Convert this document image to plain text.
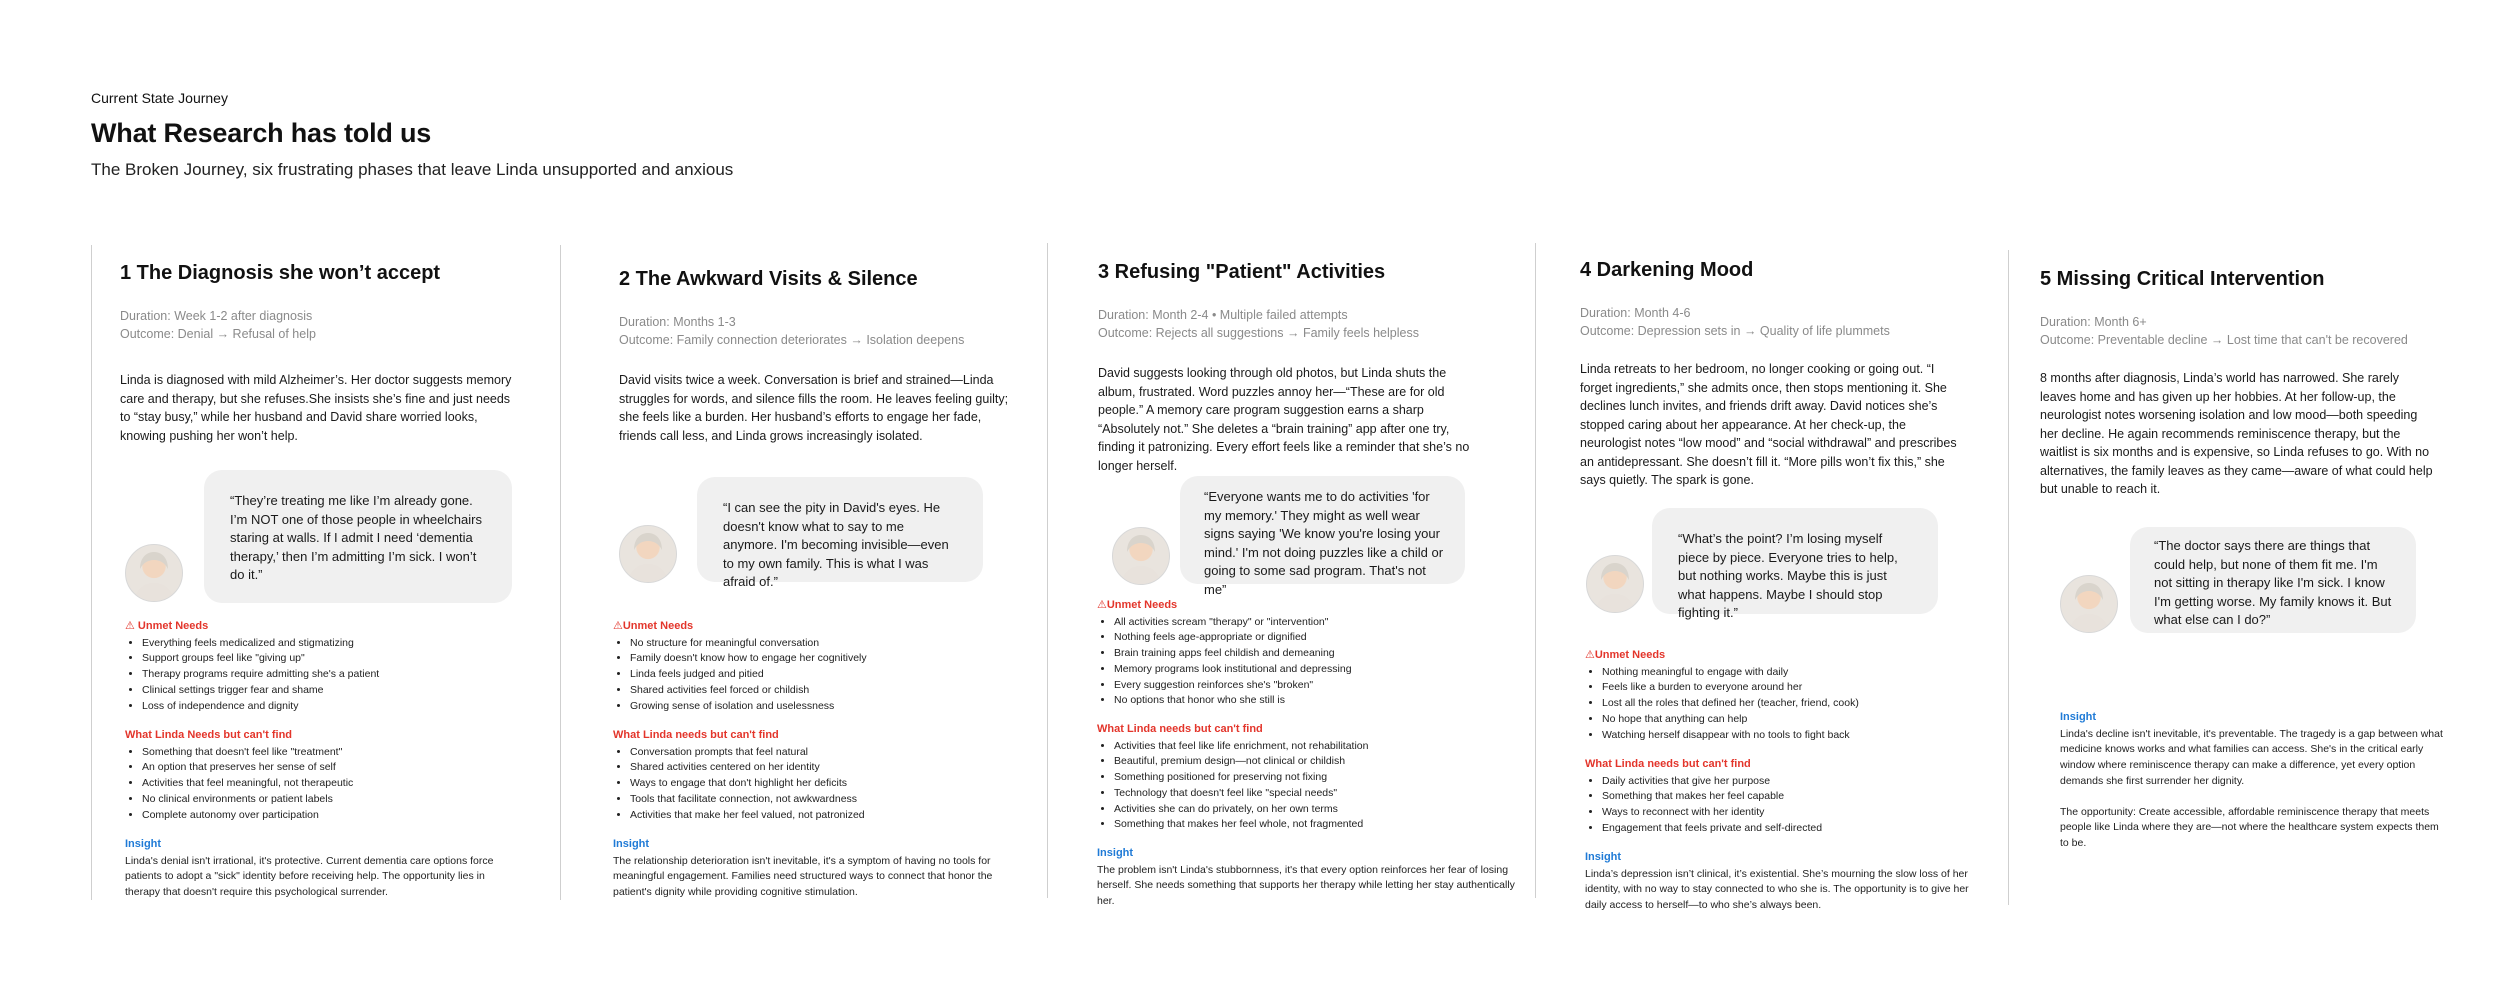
Current State Journey
What Research has told us

The Broken Journey, six frustrating phases that leave Linda unsupported and anxious

1 The Diagnosis she won’t accept
Duration: Week 1-2 after diagnosis
Outcome: Denial → Refusal of help
Linda is diagnosed with mild Alzheimer’s. Her doctor suggests memory care and therapy, but she refuses.She insists she’s fine and just needs to “stay busy,” while her husband and David share worried looks, knowing pushing her won’t help.
“They’re treating me like I’m already gone. I’m NOT one of those people in wheelchairs staring at walls. If I admit I need ‘dementia therapy,’ then I’m admitting I’m sick. I won’t do it.”
⚠ Unmet Needs
• Everything feels medicalized and stigmatizing
• Support groups feel like "giving up"
• Therapy programs require admitting she's a patient
• Clinical settings trigger fear and shame
• Loss of independence and dignity
What Linda Needs but can't find
• Something that doesn't feel like "treatment"
• An option that preserves her sense of self
• Activities that feel meaningful, not therapeutic
• No clinical environments or patient labels
• Complete autonomy over participation
Insight

Linda's denial isn't irrational, it's protective. Current dementia care options force patients to adopt a "sick" identity before receiving help. The opportunity lies in therapy that doesn't require this psychological surrender.

2 The Awkward Visits & Silence
Duration: Months 1-3
Outcome: Family connection deteriorates → Isolation deepens
David visits twice a week. Conversation is brief and strained—Linda struggles for words, and silence fills the room. He leaves feeling guilty; she feels like a burden. Her husband’s efforts to engage her fade, friends call less, and Linda grows increasingly isolated.
“I can see the pity in David's eyes. He doesn't know what to say to me anymore. I'm becoming invisible—even to my own family. This is what I was afraid of.”
⚠Unmet Needs
• No structure for meaningful conversation
• Family doesn't know how to engage her cognitively
• Linda feels judged and pitied
• Shared activities feel forced or childish
• Growing sense of isolation and uselessness
What Linda needs but can't find
• Conversation prompts that feel natural
• Shared activities centered on her identity
• Ways to engage that don't highlight her deficits
• Tools that facilitate connection, not awkwardness
• Activities that make her feel valued, not patronized
Insight

The relationship deterioration isn't inevitable, it's a symptom of having no tools for meaningful engagement. Families need structured ways to connect that honor the patient's dignity while providing cognitive stimulation.

3 Refusing "Patient" Activities
Duration: Month 2-4 • Multiple failed attempts
Outcome: Rejects all suggestions → Family feels helpless
David suggests looking through old photos, but Linda shuts the album, frustrated. Word puzzles annoy her—“These are for old people.” A memory care program suggestion earns a sharp “Absolutely not.” She deletes a “brain training” app after one try, finding it patronizing. Every effort feels like a reminder that she’s no longer herself.
“Everyone wants me to do activities 'for my memory.' They might as well wear signs saying 'We know you're losing your mind.' I'm not doing puzzles like a child or going to some sad program. That's not me”
⚠Unmet Needs
• All activities scream "therapy" or "intervention"
• Nothing feels age-appropriate or dignified
• Brain training apps feel childish and demeaning
• Memory programs look institutional and depressing
• Every suggestion reinforces she's "broken"
• No options that honor who she still is
What Linda needs but can't find
• Activities that feel like life enrichment, not rehabilitation
• Beautiful, premium design—not clinical or childish
• Something positioned for preserving not fixing
• Technology that doesn't feel like "special needs"
• Activities she can do privately, on her own terms
• Something that makes her feel whole, not fragmented
Insight

The problem isn't Linda's stubbornness, it's that every option reinforces her fear of losing herself. She needs something that supports her therapy while letting her stay authentically her.

4 Darkening Mood
Duration: Month 4-6
Outcome: Depression sets in → Quality of life plummets
Linda retreats to her bedroom, no longer cooking or going out. “I forget ingredients,” she admits once, then stops mentioning it. She declines lunch invites, and friends drift away. David notices she’s stopped caring about her appearance. At her check-up, the neurologist notes “low mood” and “social withdrawal” and prescribes an antidepressant. She doesn’t fill it. “More pills won’t fix this,” she says quietly. The spark is gone.
“What’s the point? I’m losing myself piece by piece. Everyone tries to help, but nothing works. Maybe this is just what happens. Maybe I should stop fighting it.”
⚠Unmet Needs
• Nothing meaningful to engage with daily
• Feels like a burden to everyone around her
• Lost all the roles that defined her (teacher, friend, cook)
• No hope that anything can help
• Watching herself disappear with no tools to fight back
What Linda needs but can't find
• Daily activities that give her purpose
• Something that makes her feel capable
• Ways to reconnect with her identity
• Engagement that feels private and self-directed
Insight

Linda’s depression isn’t clinical, it’s existential. She’s mourning the slow loss of her identity, with no way to stay connected to who she is. The opportunity is to give her daily access to herself—to who she’s always been.

5 Missing Critical Intervention
Duration: Month 6+
Outcome: Preventable decline → Lost time that can't be recovered
8 months after diagnosis, Linda’s world has narrowed. She rarely leaves home and has given up her hobbies. At her follow-up, the neurologist notes worsening isolation and low mood—both speeding her decline. He again recommends reminiscence therapy, but the waitlist is six months and is expensive, so Linda refuses to go. With no alternatives, the family leaves as they came—aware of what could help but unable to reach it.
“The doctor says there are things that could help, but none of them fit me. I'm not sitting in therapy like I'm sick. I know I'm getting worse. My family knows it. But what else can I do?”
Insight

Linda's decline isn't inevitable, it's preventable. The tragedy is a gap between what medicine knows works and what families can access. She's in the critical early window where reminiscence therapy can make a difference, yet every option demands she first surrender her dignity.

The opportunity: Create accessible, affordable reminiscence therapy that meets people like Linda where they are—not where the healthcare system expects them to be.
